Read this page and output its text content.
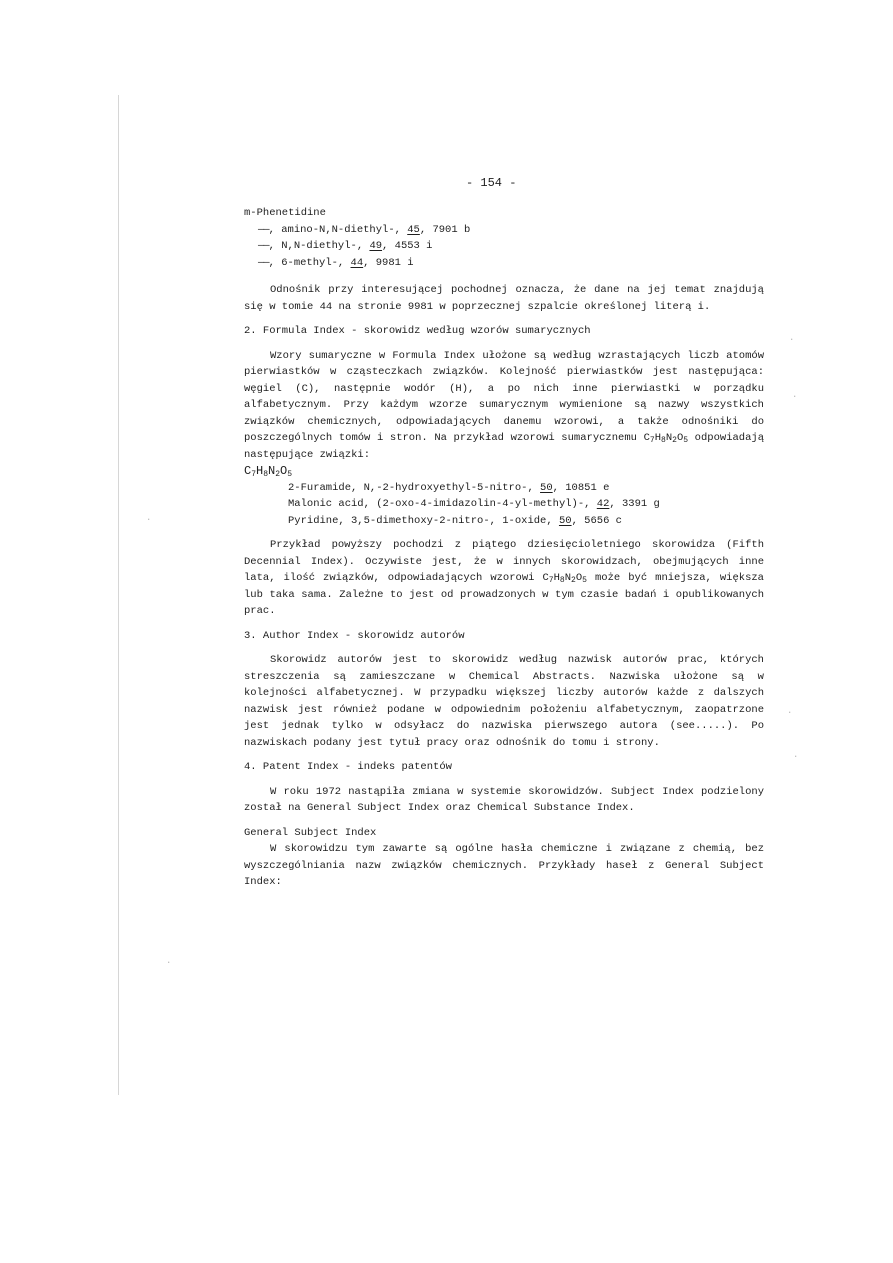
- 154 -

m-Phenetidine

——, amino-N,N-diethyl-, 45, 7901 b

——, N,N-diethyl-, 49, 4553 i

——, 6-methyl-, 44, 9981 i

Odnośnik przy interesującej pochodnej oznacza, że dane na jej temat znajdują się w tomie 44 na stronie 9981 w poprzecznej szpalcie określonej literą i.

2. Formula Index - skorowidz według wzorów sumarycznych

Wzory sumaryczne w Formula Index ułożone są według wzrastających liczb atomów pierwiastków w cząsteczkach związków. Kolejność pierwiastków jest następująca: węgiel (C), następnie wodór (H), a po nich inne pierwiastki w porządku alfabetycznym. Przy każdym wzorze sumarycznym wymienione są nazwy wszystkich związków chemicznych, odpowiadających danemu wzorowi, a także odnośniki do poszczególnych tomów i stron. Na przykład wzorowi sumarycznemu $C_7H_8N_2O_5$ odpowiadają następujące związki:

$C_7H_8N_2O_5$

2-Furamide, N,-2-hydroxyethyl-5-nitro-, 50, 10851 e

Malonic acid, (2-oxo-4-imidazolin-4-yl-methyl)-, 42, 3391 g

Pyridine, 3,5-dimethoxy-2-nitro-, 1-oxide, 50, 5656 c

Przykład powyższy pochodzi z piątego dziesięcioletniego skorowidza (Fifth Decennial Index). Oczywiste jest, że w innych skorowidzach, obejmujących inne lata, ilość związków, odpowiadających wzorowi $C_7H_8N_2O_5$ może być mniejsza, większa lub taka sama. Zależne to jest od prowadzonych w tym czasie badań i opublikowanych prac.

3. Author Index - skorowidz autorów

Skorowidz autorów jest to skorowidz według nazwisk autorów prac, których streszczenia są zamieszczane w Chemical Abstracts. Nazwiska ułożone są w kolejności alfabetycznej. W przypadku większej liczby autorów każde z dalszych nazwisk jest również podane w odpowiednim położeniu alfabetycznym, zaopatrzone jest jednak tylko w odsyłacz do nazwiska pierwszego autora (see.....). Po nazwiskach podany jest tytuł pracy oraz odnośnik do tomu i strony.

4. Patent Index - indeks patentów

W roku 1972 nastąpiła zmiana w systemie skorowidzów. Subject Index podzielony został na General Subject Index oraz Chemical Substance Index.

General Subject Index

W skorowidzu tym zawarte są ogólne hasła chemiczne i związane z chemią, bez wyszczególniania nazw związków chemicznych. Przykłady haseł z General Subject Index:

·
·
·
·
·
·
